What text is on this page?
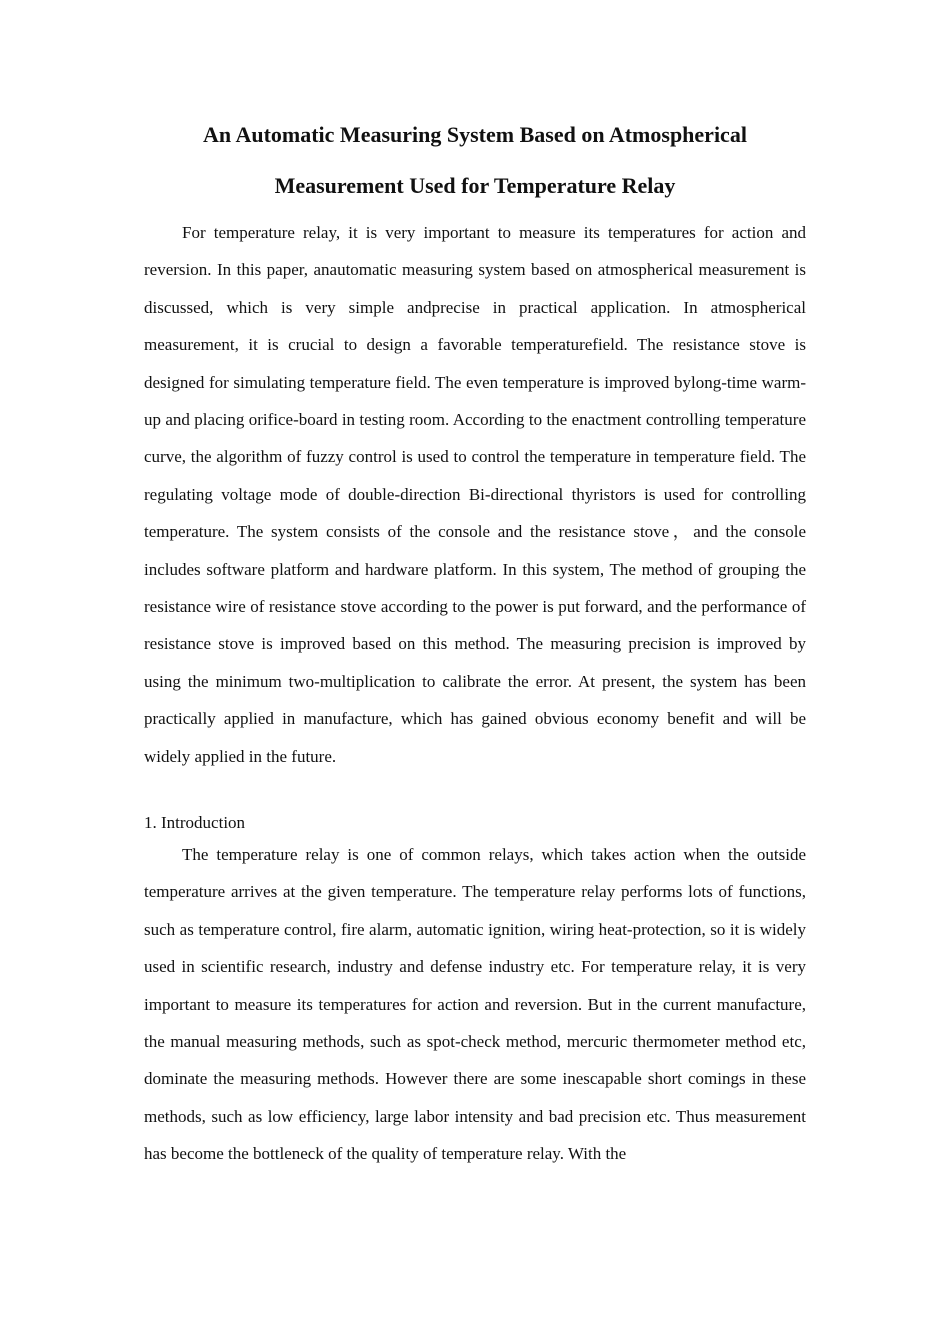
An Automatic Measuring System Based on Atmospherical
Measurement Used for Temperature Relay

For temperature relay, it is very important to measure its temperatures for action and reversion. In this paper, anautomatic measuring system based on atmospherical measurement is discussed, which is very simple andprecise in practical application. In atmospherical measurement, it is crucial to design a favorable temperaturefield. The resistance stove is designed for simulating temperature field. The even temperature is improved bylong-time warm-up and placing orifice-board in testing room. According to the enactment controlling temperature curve, the algorithm of fuzzy control is used to control the temperature in temperature field. The regulating voltage mode of double-direction Bi-directional thyristors is used for controlling temperature. The system consists of the console and the resistance stove，and the console includes software platform and hardware platform. In this system, The method of grouping the resistance wire of resistance stove according to the power is put forward, and the performance of resistance stove is improved based on this method. The measuring precision is improved by using the minimum two-multiplication to calibrate the error. At present, the system has been practically applied in manufacture, which has gained obvious economy benefit and will be widely applied in the future.

1. Introduction

The temperature relay is one of common relays, which takes action when the outside temperature arrives at the given temperature. The temperature relay performs lots of functions, such as temperature control, fire alarm, automatic ignition, wiring heat-protection, so it is widely used in scientific research, industry and defense industry etc. For temperature relay, it is very important to measure its temperatures for action and reversion. But in the current manufacture, the manual measuring methods, such as spot-check method, mercuric thermometer method etc, dominate the measuring methods. However there are some inescapable short comings in these methods, such as low efficiency, large labor intensity and bad precision etc. Thus measurement has become the bottleneck of the quality of temperature relay. With the
